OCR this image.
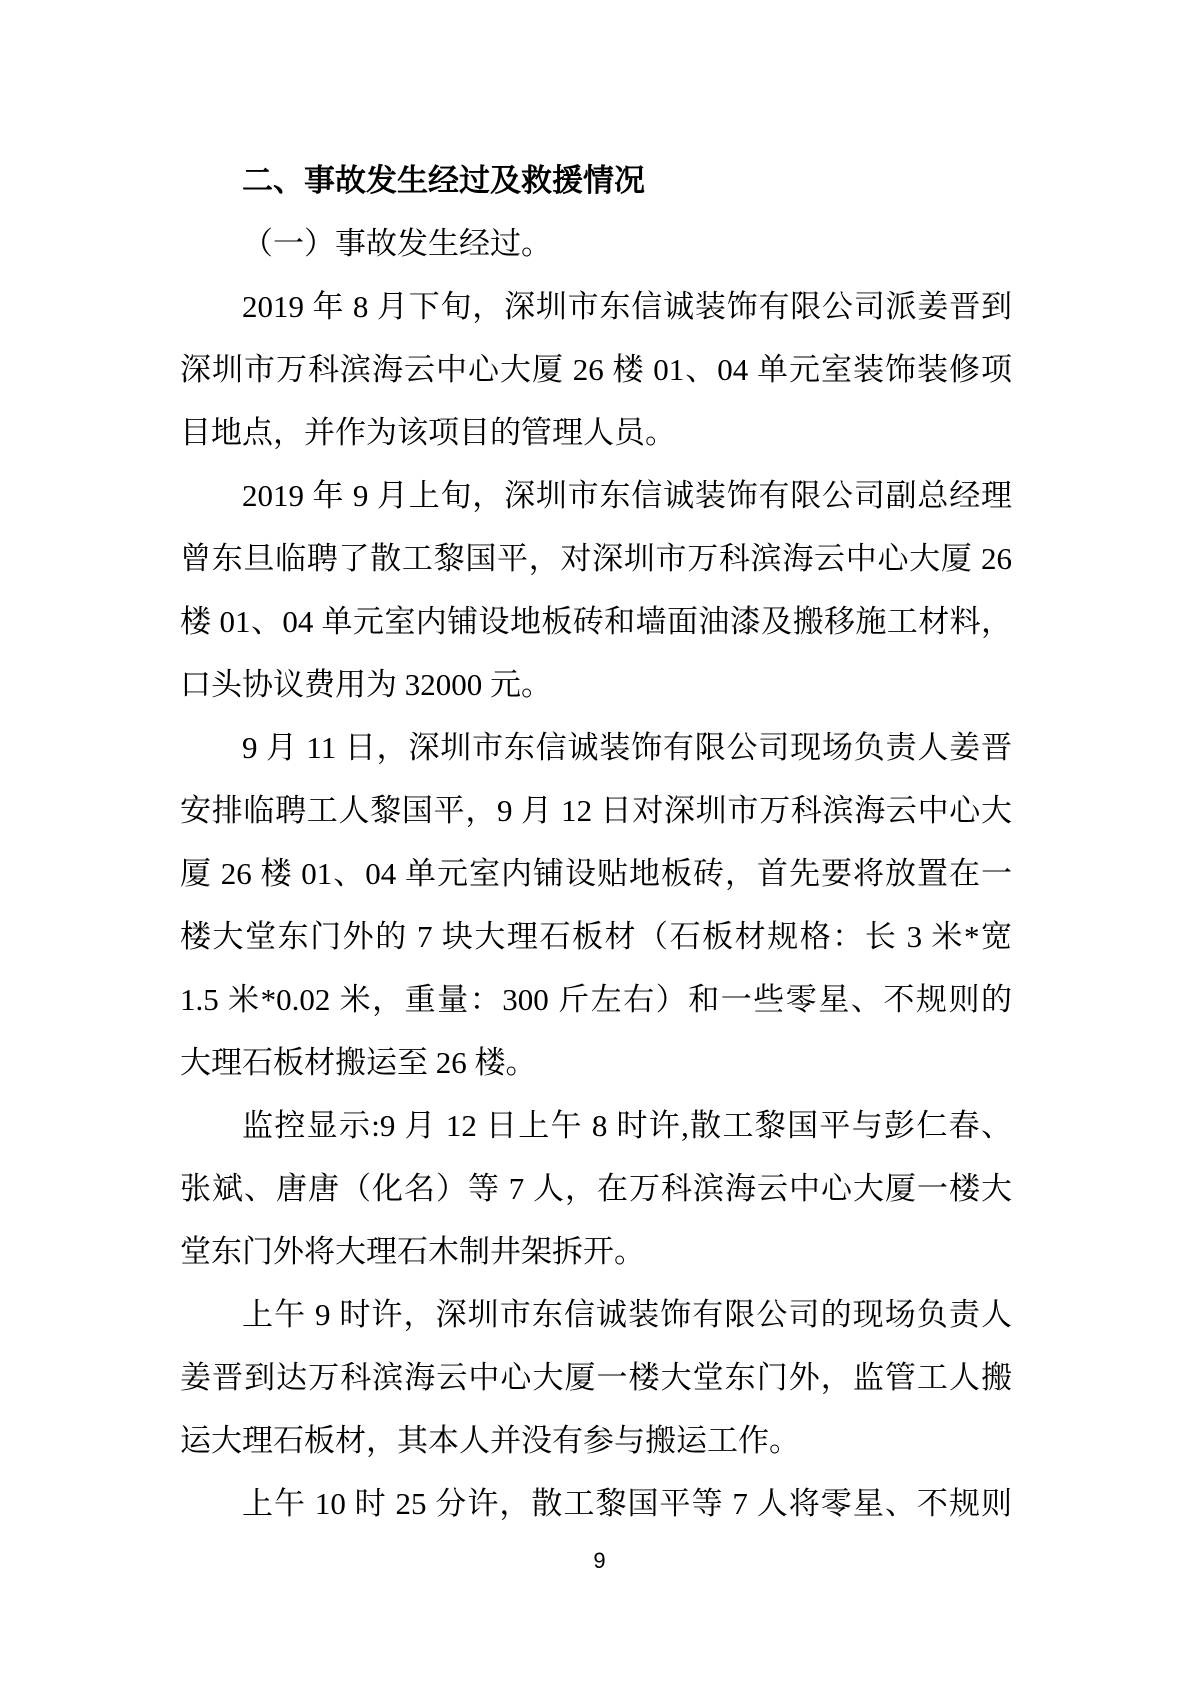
二、事故发生经过及救援情况
（一）事故发生经过。
2019 年 8 月下旬，深圳市东信诚装饰有限公司派姜晋到
深圳市万科滨海云中心大厦 26 楼 01、04 单元室装饰装修项
目地点，并作为该项目的管理人员。
2019 年 9 月上旬，深圳市东信诚装饰有限公司副总经理
曾东旦临聘了散工黎国平，对深圳市万科滨海云中心大厦 26
楼 01、04 单元室内铺设地板砖和墙面油漆及搬移施工材料，
口头协议费用为 32000 元。
9 月 11 日，深圳市东信诚装饰有限公司现场负责人姜晋
安排临聘工人黎国平，9 月 12 日对深圳市万科滨海云中心大
厦 26 楼 01、04 单元室内铺设贴地板砖，首先要将放置在一
楼大堂东门外的 7 块大理石板材（石板材规格：长 3 米*宽
1.5 米*0.02 米，重量：300 斤左右）和一些零星、不规则的
大理石板材搬运至 26 楼。
监控显示:9 月 12 日上午 8 时许,散工黎国平与彭仁春、
张斌、唐唐（化名）等 7 人，在万科滨海云中心大厦一楼大
堂东门外将大理石木制井架拆开。
上午 9 时许，深圳市东信诚装饰有限公司的现场负责人
姜晋到达万科滨海云中心大厦一楼大堂东门外，监管工人搬
运大理石板材，其本人并没有参与搬运工作。
上午 10 时 25 分许，散工黎国平等 7 人将零星、不规则
9
